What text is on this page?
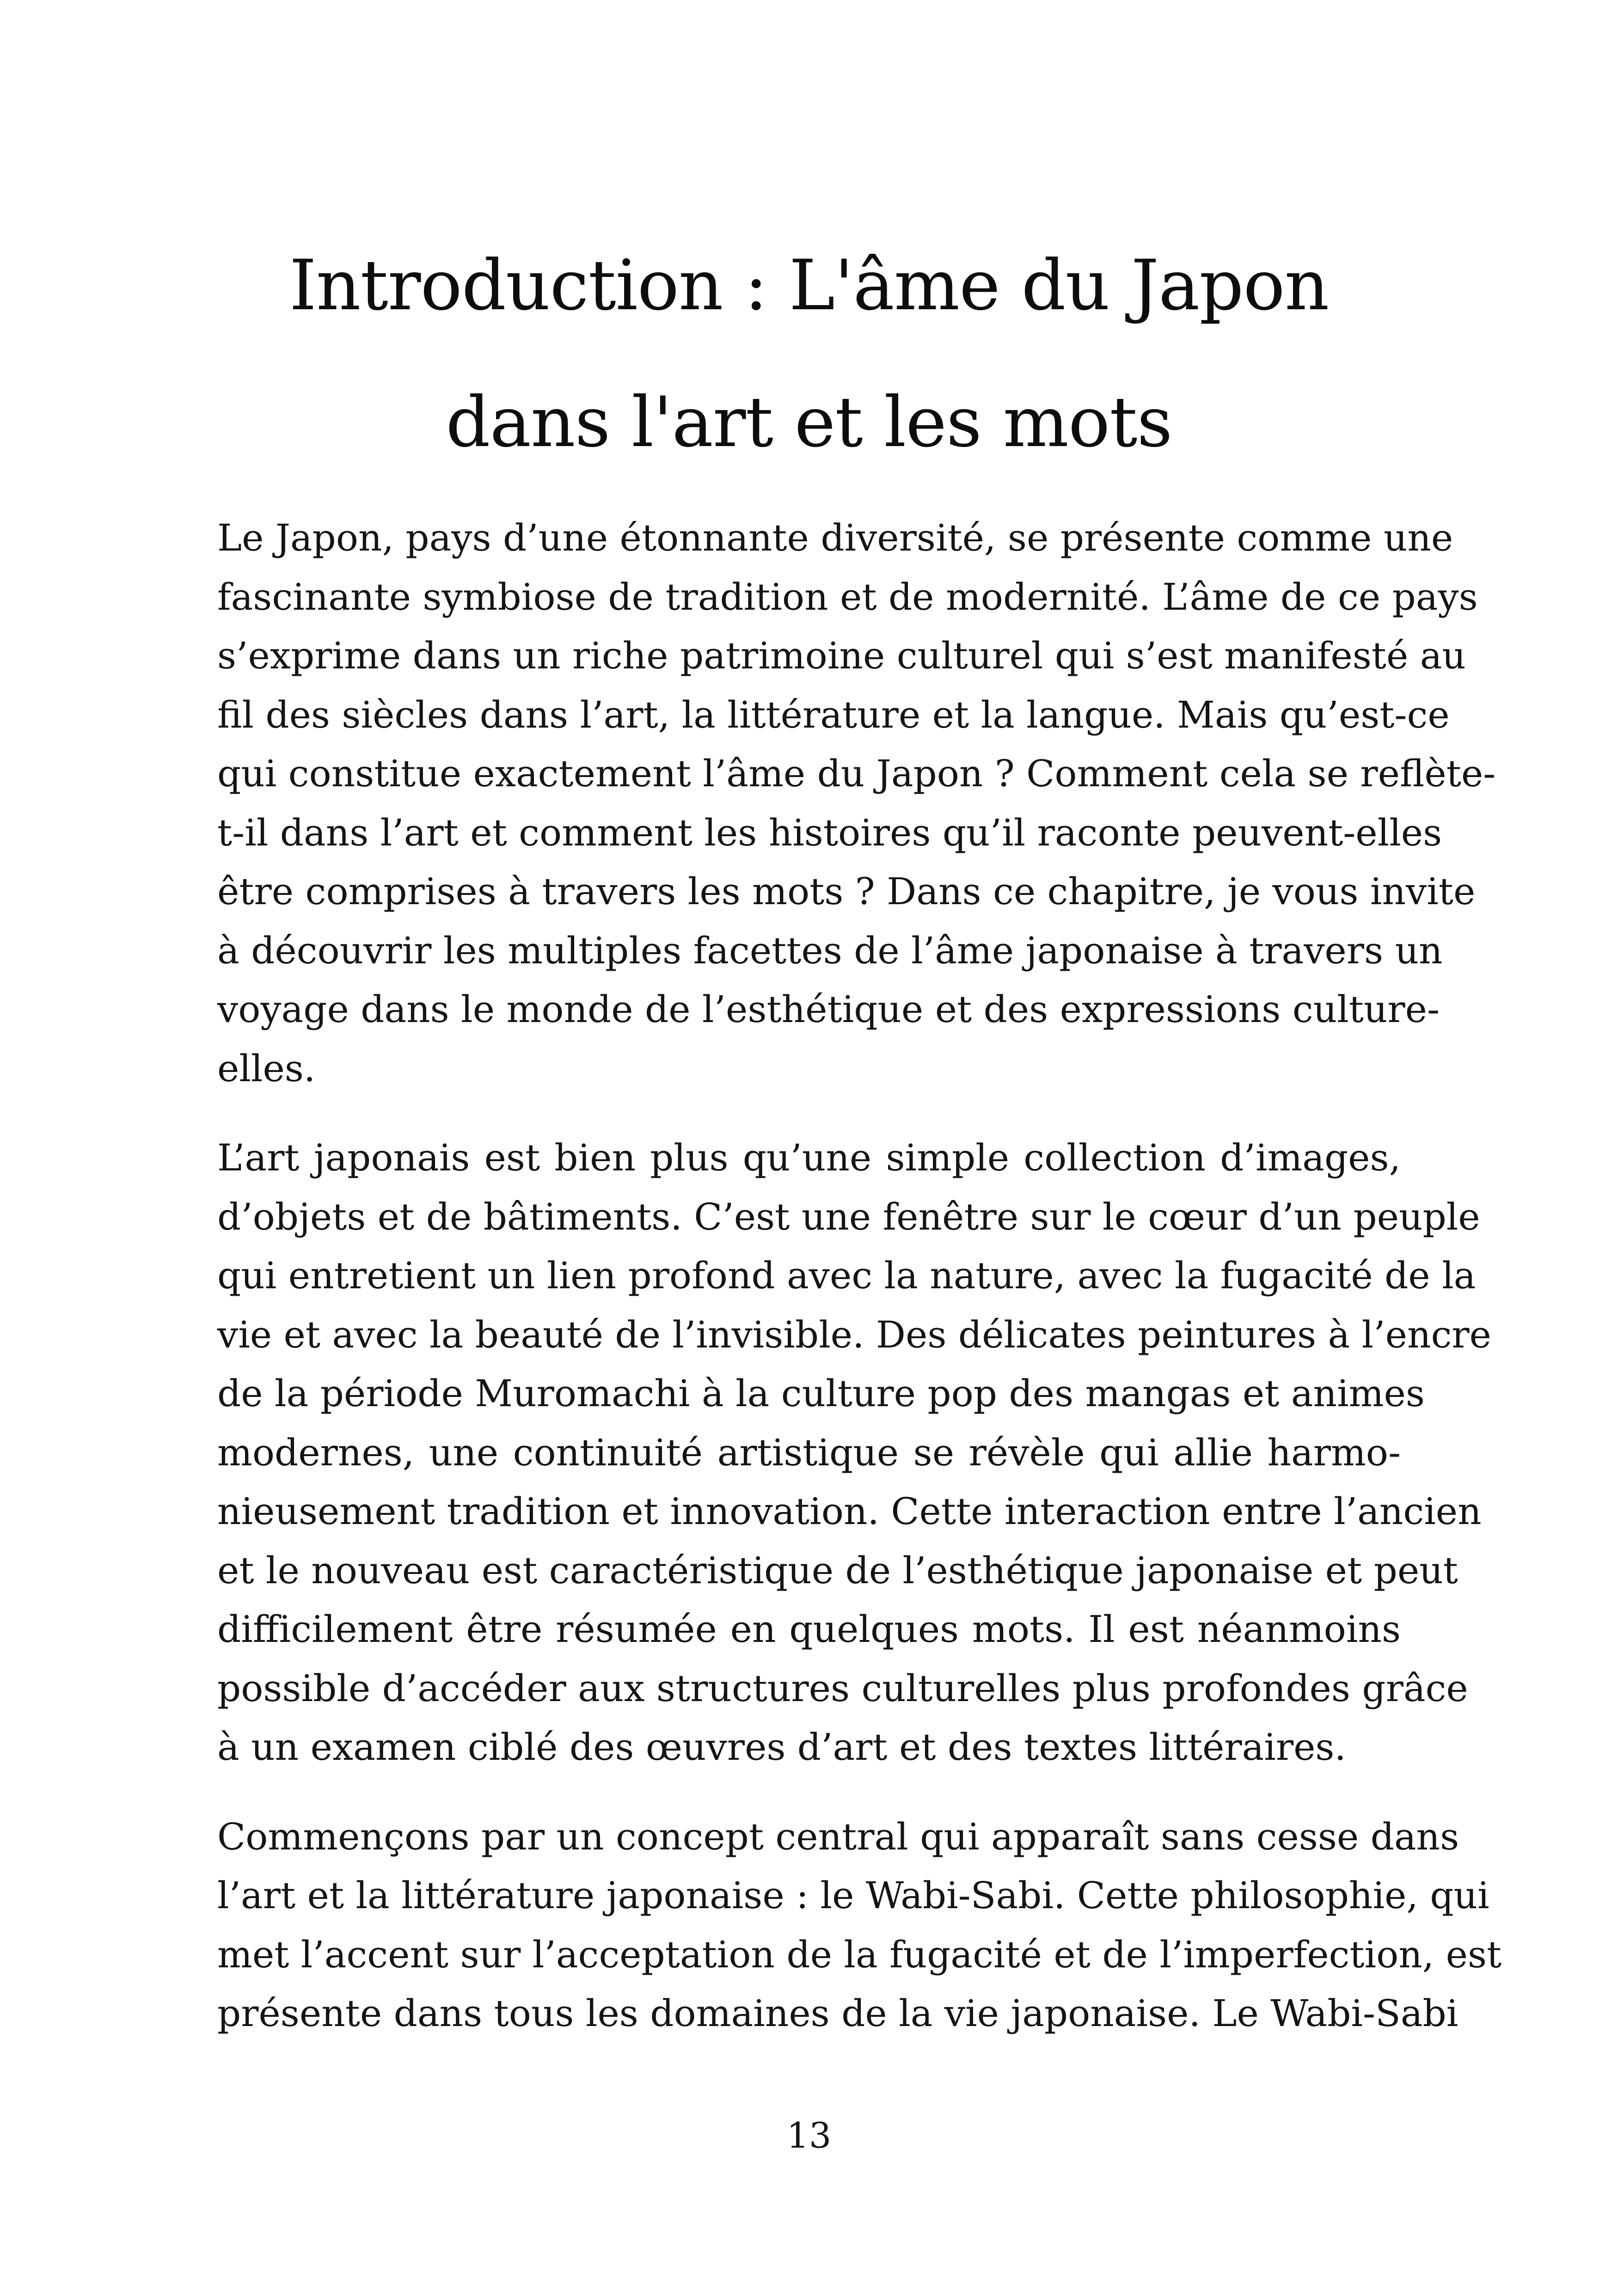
Introduction : L'âme du Japon
dans l'art et les mots

Le Japon, pays d’une étonnante diversité, se présente comme une
fascinante symbiose de tradition et de modernité. L’âme de ce pays
s’exprime dans un riche patrimoine culturel qui s’est manifesté au
fil des siècles dans l’art, la littérature et la langue. Mais qu’est-ce
qui constitue exactement l’âme du Japon ? Comment cela se reflète-
t-il dans l’art et comment les histoires qu’il raconte peuvent-elles
être comprises à travers les mots ? Dans ce chapitre, je vous invite
à découvrir les multiples facettes de l’âme japonaise à travers un
voyage dans le monde de l’esthétique et des expressions culture-
elles.

L’art japonais est bien plus qu’une simple collection d’images,
d’objets et de bâtiments. C’est une fenêtre sur le cœur d’un peuple
qui entretient un lien profond avec la nature, avec la fugacité de la
vie et avec la beauté de l’invisible. Des délicates peintures à l’encre
de la période Muromachi à la culture pop des mangas et animes
modernes, une continuité artistique se révèle qui allie harmo-
nieusement tradition et innovation. Cette interaction entre l’ancien
et le nouveau est caractéristique de l’esthétique japonaise et peut
difficilement être résumée en quelques mots. Il est néanmoins
possible d’accéder aux structures culturelles plus profondes grâce
à un examen ciblé des œuvres d’art et des textes littéraires.

Commençons par un concept central qui apparaît sans cesse dans
l’art et la littérature japonaise : le Wabi-Sabi. Cette philosophie, qui
met l’accent sur l’acceptation de la fugacité et de l’imperfection, est
présente dans tous les domaines de la vie japonaise. Le Wabi-Sabi

13
